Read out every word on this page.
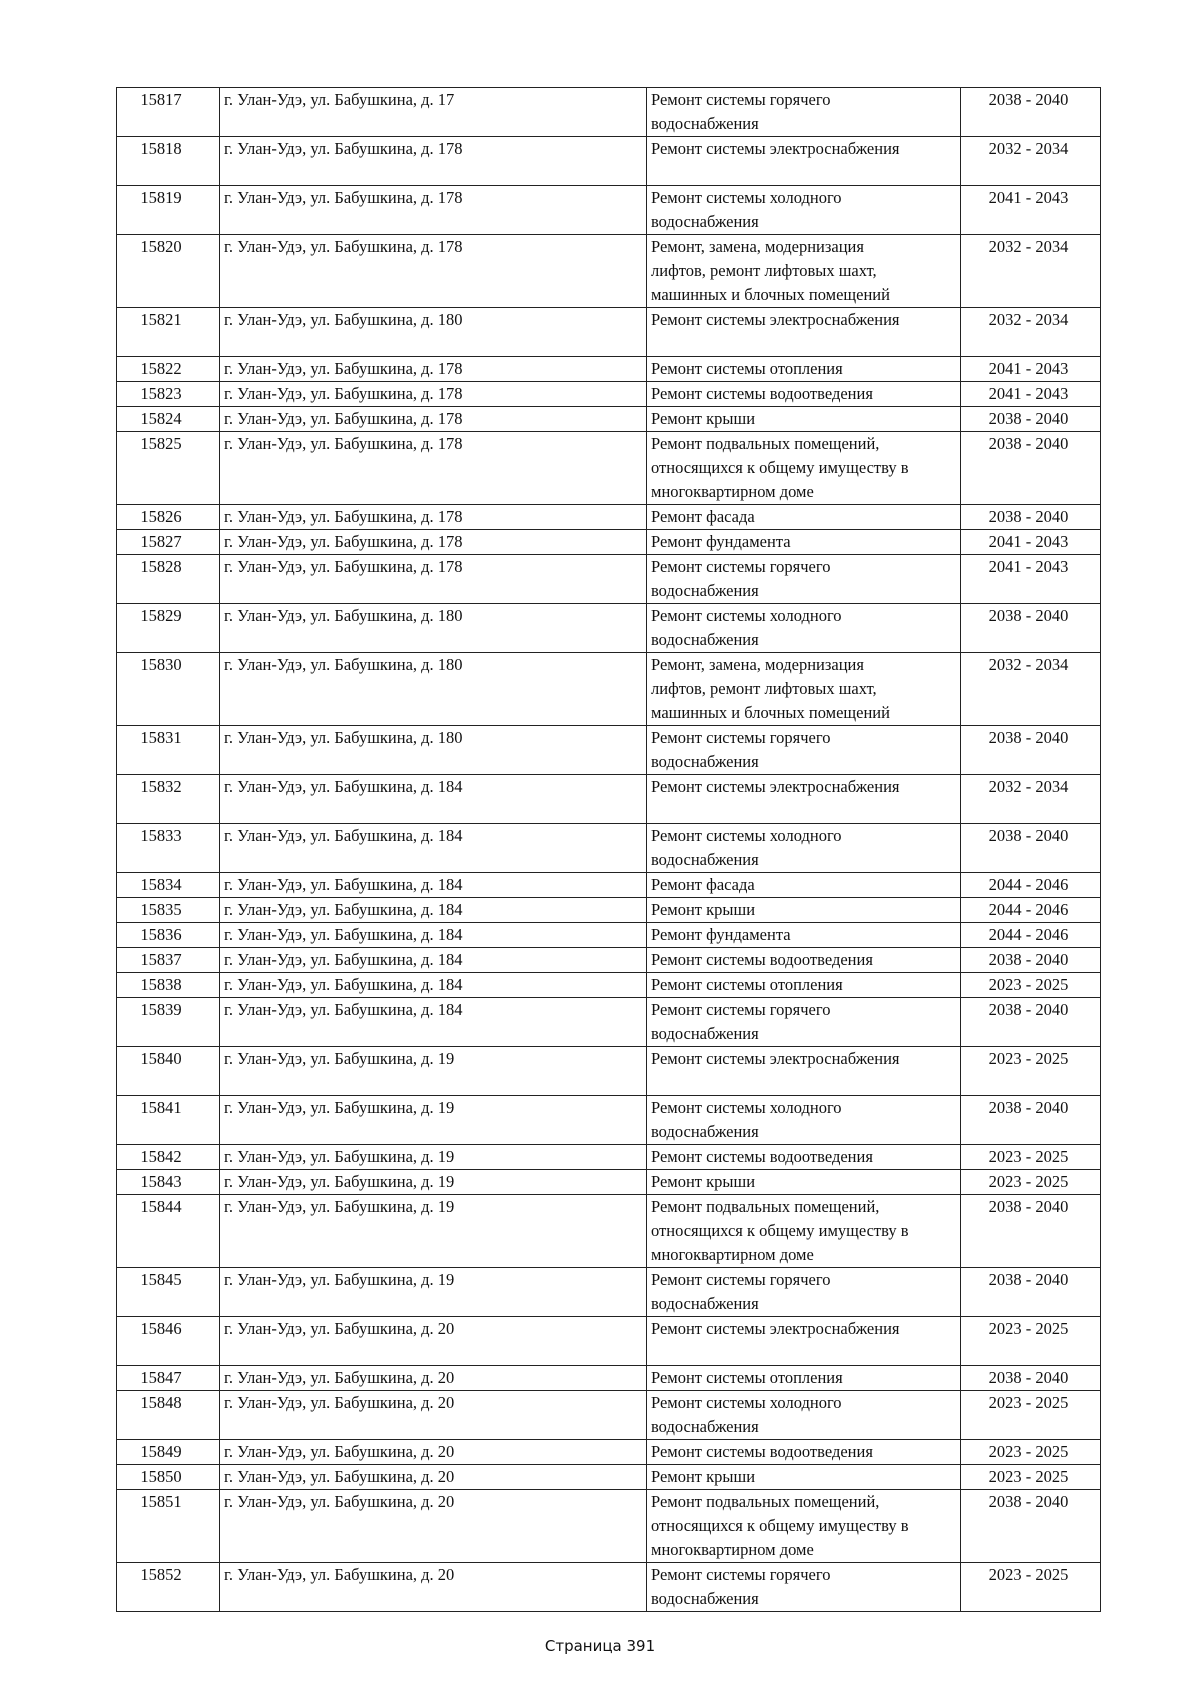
15817	г. Улан-Удэ, ул. Бабушкина, д. 17	Ремонт системы горячего
водоснабжения	2038 - 2040
15818	г. Улан-Удэ, ул. Бабушкина, д. 178	Ремонт системы электроснабжения	2032 - 2034
15819	г. Улан-Удэ, ул. Бабушкина, д. 178	Ремонт системы холодного
водоснабжения	2041 - 2043
15820	г. Улан-Удэ, ул. Бабушкина, д. 178	Ремонт, замена, модернизация
лифтов, ремонт лифтовых шахт,
машинных и блочных помещений	2032 - 2034
15821	г. Улан-Удэ, ул. Бабушкина, д. 180	Ремонт системы электроснабжения	2032 - 2034
15822	г. Улан-Удэ, ул. Бабушкина, д. 178	Ремонт системы отопления	2041 - 2043
15823	г. Улан-Удэ, ул. Бабушкина, д. 178	Ремонт системы водоотведения	2041 - 2043
15824	г. Улан-Удэ, ул. Бабушкина, д. 178	Ремонт крыши	2038 - 2040
15825	г. Улан-Удэ, ул. Бабушкина, д. 178	Ремонт подвальных помещений,
относящихся к общему имуществу в
многоквартирном доме	2038 - 2040
15826	г. Улан-Удэ, ул. Бабушкина, д. 178	Ремонт фасада	2038 - 2040
15827	г. Улан-Удэ, ул. Бабушкина, д. 178	Ремонт фундамента	2041 - 2043
15828	г. Улан-Удэ, ул. Бабушкина, д. 178	Ремонт системы горячего
водоснабжения	2041 - 2043
15829	г. Улан-Удэ, ул. Бабушкина, д. 180	Ремонт системы холодного
водоснабжения	2038 - 2040
15830	г. Улан-Удэ, ул. Бабушкина, д. 180	Ремонт, замена, модернизация
лифтов, ремонт лифтовых шахт,
машинных и блочных помещений	2032 - 2034
15831	г. Улан-Удэ, ул. Бабушкина, д. 180	Ремонт системы горячего
водоснабжения	2038 - 2040
15832	г. Улан-Удэ, ул. Бабушкина, д. 184	Ремонт системы электроснабжения	2032 - 2034
15833	г. Улан-Удэ, ул. Бабушкина, д. 184	Ремонт системы холодного
водоснабжения	2038 - 2040
15834	г. Улан-Удэ, ул. Бабушкина, д. 184	Ремонт фасада	2044 - 2046
15835	г. Улан-Удэ, ул. Бабушкина, д. 184	Ремонт крыши	2044 - 2046
15836	г. Улан-Удэ, ул. Бабушкина, д. 184	Ремонт фундамента	2044 - 2046
15837	г. Улан-Удэ, ул. Бабушкина, д. 184	Ремонт системы водоотведения	2038 - 2040
15838	г. Улан-Удэ, ул. Бабушкина, д. 184	Ремонт системы отопления	2023 - 2025
15839	г. Улан-Удэ, ул. Бабушкина, д. 184	Ремонт системы горячего
водоснабжения	2038 - 2040
15840	г. Улан-Удэ, ул. Бабушкина, д. 19	Ремонт системы электроснабжения	2023 - 2025
15841	г. Улан-Удэ, ул. Бабушкина, д. 19	Ремонт системы холодного
водоснабжения	2038 - 2040
15842	г. Улан-Удэ, ул. Бабушкина, д. 19	Ремонт системы водоотведения	2023 - 2025
15843	г. Улан-Удэ, ул. Бабушкина, д. 19	Ремонт крыши	2023 - 2025
15844	г. Улан-Удэ, ул. Бабушкина, д. 19	Ремонт подвальных помещений,
относящихся к общему имуществу в
многоквартирном доме	2038 - 2040
15845	г. Улан-Удэ, ул. Бабушкина, д. 19	Ремонт системы горячего
водоснабжения	2038 - 2040
15846	г. Улан-Удэ, ул. Бабушкина, д. 20	Ремонт системы электроснабжения	2023 - 2025
15847	г. Улан-Удэ, ул. Бабушкина, д. 20	Ремонт системы отопления	2038 - 2040
15848	г. Улан-Удэ, ул. Бабушкина, д. 20	Ремонт системы холодного
водоснабжения	2023 - 2025
15849	г. Улан-Удэ, ул. Бабушкина, д. 20	Ремонт системы водоотведения	2023 - 2025
15850	г. Улан-Удэ, ул. Бабушкина, д. 20	Ремонт крыши	2023 - 2025
15851	г. Улан-Удэ, ул. Бабушкина, д. 20	Ремонт подвальных помещений,
относящихся к общему имуществу в
многоквартирном доме	2038 - 2040
15852	г. Улан-Удэ, ул. Бабушкина, д. 20	Ремонт системы горячего
водоснабжения	2023 - 2025
Страница 391
